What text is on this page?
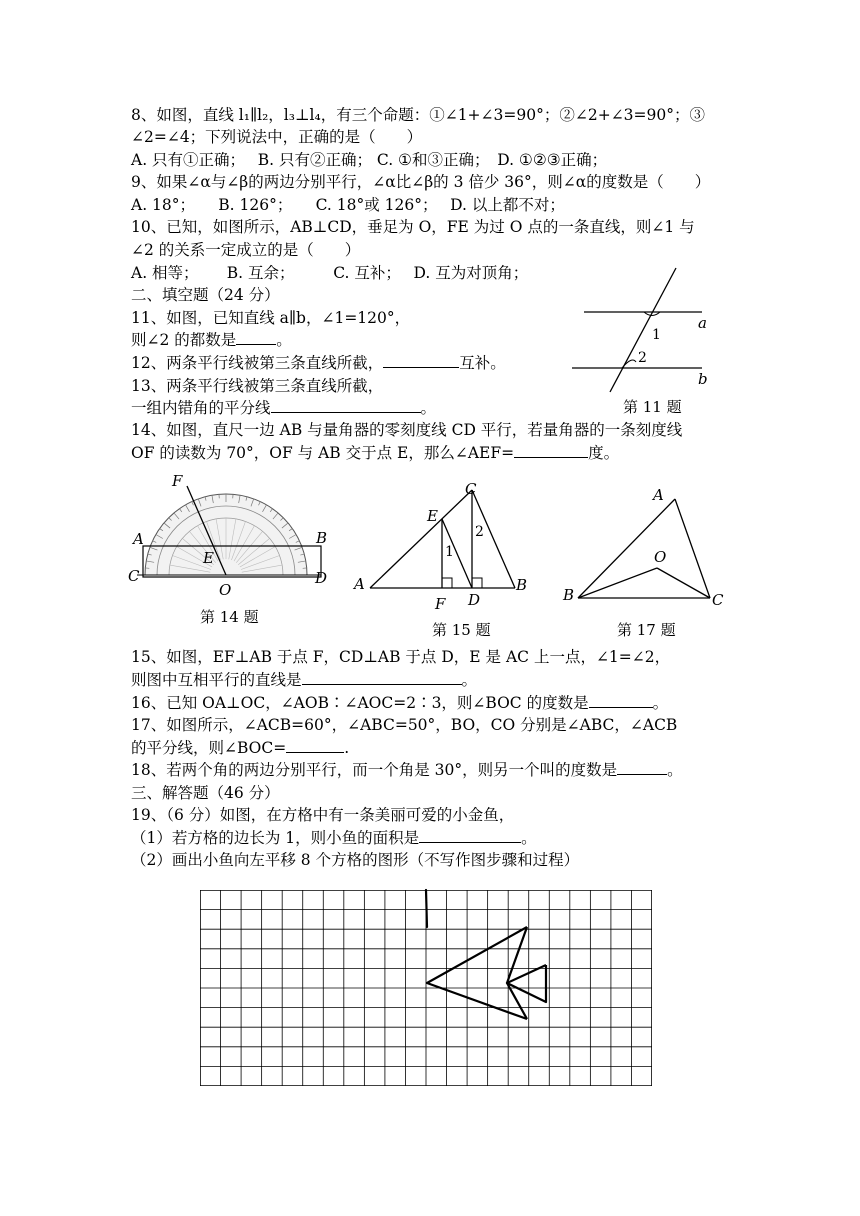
8、如图，直线 l₁∥l₂，l₃⊥l₄，有三个命题：①∠1+∠3=90°；②∠2+∠3=90°；③
∠2=∠4；下列说法中，正确的是（　　）
A. 只有①正确；　 B. 只有②正确； C. ①和③正确；　D. ①②③正确；
9、如果∠α与∠β的两边分别平行，∠α比∠β的 3 倍少 36°，则∠α的度数是（　　）
A. 18°；　　B. 126°；　　C. 18°或 126°；　 D. 以上都不对；
10、已知，如图所示，AB⊥CD，垂足为 O，FE 为过 O 点的一条直线，则∠1 与
∠2 的关系一定成立的是（　　）
A. 相等；　　 B. 互余；　　　C. 互补；　 D. 互为对顶角；
二、填空题（24 分）
11、如图，已知直线 a∥b，∠1=120°，
则∠2 的都数是	。
12、两条平行线被第三条直线所截，	互补。
13、两条平行线被第三条直线所截，
一组内错角的平分线	。
a
b
1
2
第 11 题
14、如图，直尺一边 AB 与量角器的零刻度线 CD 平行，若量角器的一条刻度线
OF 的读数为 70°，OF 与 AB 交于点 E，那么∠AEF=	度。
F
A	B
C	D
E
O
第 14 题
C
E
A	B
F D
1
2
第 15 题
A
O
B	C
第 17 题
15、如图，EF⊥AB 于点 F，CD⊥AB 于点 D，E 是 AC 上一点，∠1=∠2，
则图中互相平行的直线是	。
16、已知 OA⊥OC，∠AOB∶∠AOC=2∶3，则∠BOC 的度数是	。
17、如图所示，∠ACB=60°，∠ABC=50°，BO，CO 分别是∠ABC，∠ACB
的平分线，则∠BOC=	.
18、若两个角的两边分别平行，而一个角是 30°，则另一个叫的度数是	。
三、解答题（46 分）
19、（6 分）如图，在方格中有一条美丽可爱的小金鱼，
（1）若方格的边长为 1，则小鱼的面积是	。
（2）画出小鱼向左平移 8 个方格的图形（不写作图步骤和过程）
